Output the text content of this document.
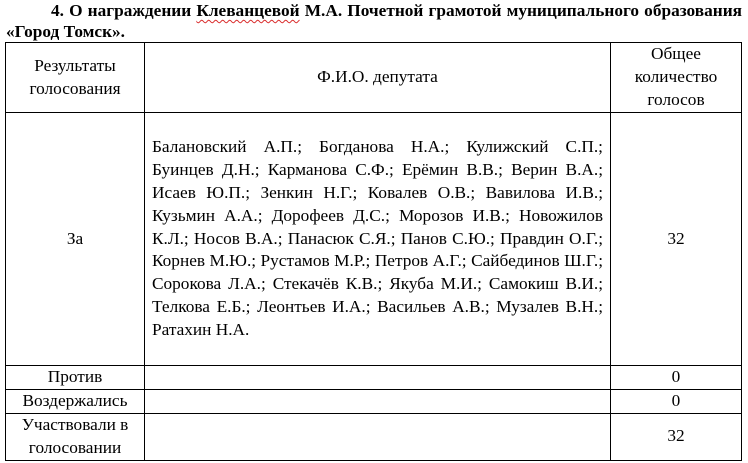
4. О награждении Клеванцевой М.А. Почетной грамотой муниципального образования «Город Томск».
Результаты голосования	Ф.И.О. депутата	Общее количество голосов
За	Балановский А.П.; Богданова Н.А.; Кулижский С.П.; Буинцев Д.Н.; Карманова С.Ф.; Ерёмин В.В.; Верин В.А.; Исаев Ю.П.; Зенкин Н.Г.; Ковалев О.В.; Вавилова И.В.; Кузьмин А.А.; Дорофеев Д.С.; Морозов И.В.; Новожилов К.Л.; Носов В.А.; Панасюк С.Я.; Панов С.Ю.; Правдин О.Г.; Корнев М.Ю.; Рустамов М.Р.; Петров А.Г.; Сайбединов Ш.Г.; Сорокова Л.А.; Стекачёв К.В.; Якуба М.И.; Самокиш В.И.; Телкова Е.Б.; Леонтьев И.А.; Васильев А.В.; Музалев В.Н.; Ратахин Н.А.	32
Против		0
Воздержались		0
Участвовали в голосовании		32
